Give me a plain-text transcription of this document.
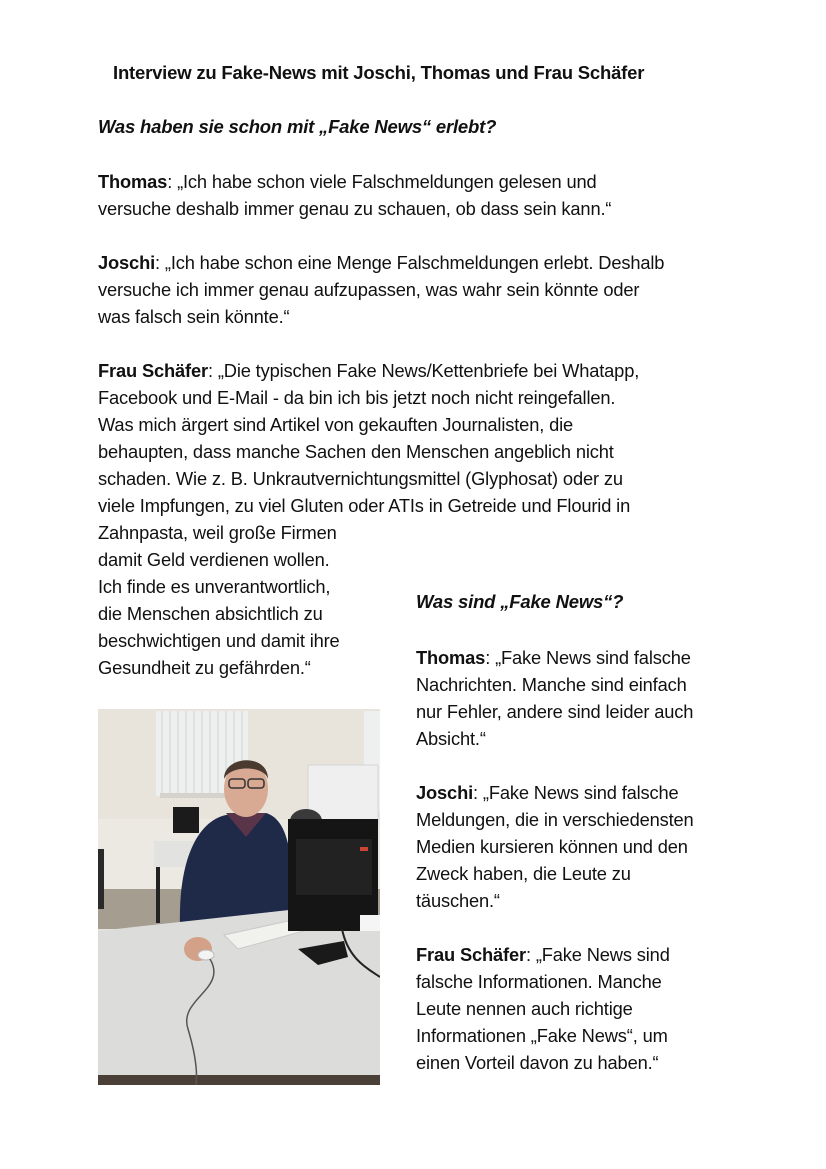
Interview zu Fake-News mit Joschi, Thomas und Frau Schäfer
Was haben sie schon mit „Fake News“ erlebt?
Thomas: „Ich habe schon viele Falschmeldungen gelesen und
versuche deshalb immer genau zu schauen, ob dass sein kann.“
Joschi: „Ich habe schon eine Menge Falschmeldungen erlebt. Deshalb
versuche ich immer genau aufzupassen, was wahr sein könnte oder
was falsch sein könnte.“
Frau Schäfer: „Die typischen Fake News/Kettenbriefe bei Whatapp,
Facebook und E-Mail - da bin ich bis jetzt noch nicht reingefallen.
Was mich ärgert sind Artikel von gekauften Journalisten, die
behaupten, dass manche Sachen den Menschen angeblich nicht
schaden. Wie z. B. Unkrautvernichtungsmittel (Glyphosat) oder zu
viele Impfungen, zu viel Gluten oder ATIs in Getreide und Flourid in
Zahnpasta, weil große Firmen
damit Geld verdienen wollen.
Ich finde es unverantwortlich,
die Menschen absichtlich zu
beschwichtigen und damit ihre
Gesundheit zu gefährden.“
Was sind „Fake News“?
Thomas: „Fake News sind falsche
Nachrichten. Manche sind einfach
nur Fehler, andere sind leider auch
Absicht.“
Joschi: „Fake News sind falsche
Meldungen, die in verschiedensten
Medien kursieren können und den
Zweck haben, die Leute zu
täuschen.“
Frau Schäfer: „Fake News sind
falsche Informationen. Manche
Leute nennen auch richtige
Informationen „Fake News“, um
einen Vorteil davon zu haben.“
